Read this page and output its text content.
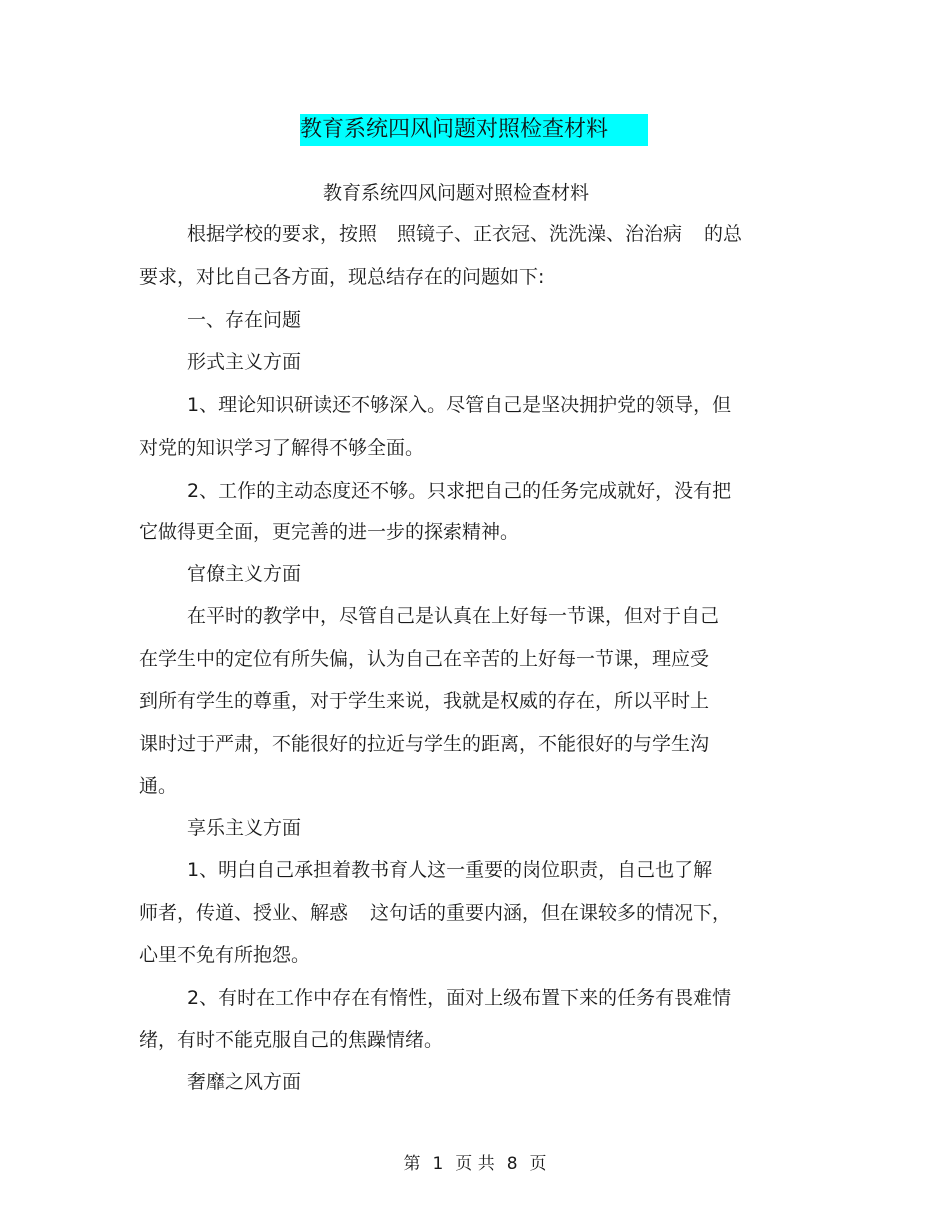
教育系统四风问题对照检查材料
教育系统四风问题对照检查材料
根据学校的要求，按照 照镜子、正衣冠、洗洗澡、治治病 的总
要求，对比自己各方面，现总结存在的问题如下:
一、存在问题
形式主义方面
1、理论知识研读还不够深入。尽管自己是坚决拥护党的领导，但
对党的知识学习了解得不够全面。
2、工作的主动态度还不够。只求把自己的任务完成就好，没有把
它做得更全面，更完善的进一步的探索精神。
官僚主义方面
在平时的教学中，尽管自己是认真在上好每一节课，但对于自己
在学生中的定位有所失偏，认为自己在辛苦的上好每一节课，理应受
到所有学生的尊重，对于学生来说，我就是权威的存在，所以平时上
课时过于严肃，不能很好的拉近与学生的距离，不能很好的与学生沟
通。
享乐主义方面
1、明白自己承担着教书育人这一重要的岗位职责，自己也了解
师者，传道、授业、解惑 这句话的重要内涵，但在课较多的情况下，
心里不免有所抱怨。
2、有时在工作中存在有惰性，面对上级布置下来的任务有畏难情
绪，有时不能克服自己的焦躁情绪。
奢靡之风方面
第 1 页 共 8 页
